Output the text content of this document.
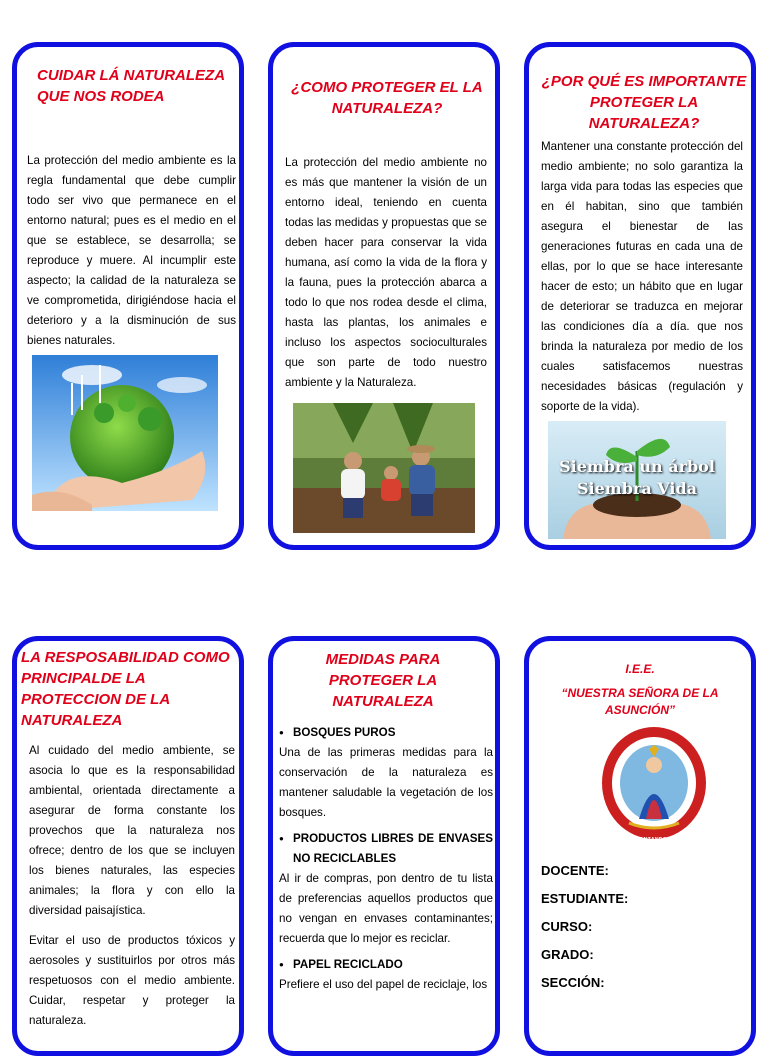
CUIDAR LÁ NATURALEZA QUE NOS RODEA
La protección del medio ambiente es la regla fundamental que debe cumplir todo ser vivo que permanece en el entorno natural; pues es el medio en el que se establece, se desarrolla; se reproduce y muere. Al incumplir este aspecto; la calidad de la naturaleza se ve comprometida, dirigiéndose hacia el deterioro y a la disminución de sus bienes naturales.
¿COMO PROTEGER EL LA NATURALEZA?
La protección del medio ambiente no es más que mantener la visión de un entorno ideal, teniendo en cuenta todas las medidas y propuestas que se deben hacer para conservar la vida humana, así como la vida de la flora y la fauna, pues la protección abarca a todo lo que nos rodea desde el clima, hasta las plantas, los animales e incluso los aspectos socioculturales que son parte de todo nuestro ambiente y la Naturaleza.
¿POR QUÉ ES IMPORTANTE PROTEGER LA NATURALEZA?
Mantener una constante protección del medio ambiente; no solo garantiza la larga vida para todas las especies que en él habitan, sino que también asegura el bienestar de las generaciones futuras en cada una de ellas, por lo que se hace interesante hacer de esto; un hábito que en lugar de deteriorar se traduzca en mejorar las condiciones día a día. que nos brinda la naturaleza por medio de los cuales satisfacemos nuestras necesidades básicas (regulación y soporte de la vida).
Siembra un árbol
Siembra Vida
LA RESPOSABILIDAD COMO PRINCIPALDE LA PROTECCION DE LA NATURALEZA
Al cuidado del medio ambiente, se asocia lo que es la responsabilidad ambiental, orientada directamente a asegurar de forma constante los provechos que la naturaleza nos ofrece; dentro de los que se incluyen los bienes naturales, las especies animales; la flora y con ello la diversidad paisajística.
Evitar el uso de productos tóxicos y aerosoles y sustituirlos por otros más respetuosos con el medio ambiente. Cuidar, respetar y proteger la naturaleza.
MEDIDAS PARA PROTEGER LA NATURALEZA
● BOSQUES PUROS
Una de las primeras medidas para la conservación de la naturaleza es mantener saludable la vegetación de los bosques.
● PRODUCTOS LIBRES DE ENVASES NO RECICLABLES
Al ir de compras, pon dentro de tu lista de preferencias aquellos productos que no vengan en envases contaminantes; recuerda que lo mejor es reciclar.
● PAPEL RECICLADO
Prefiere el uso del papel de reciclaje, los
I.E.E.
“NUESTRA SEÑORA DE LA ASUNCIÓN”
I.E.E. "NTRA. SRA. DE LA ASUNCIÓN"
ASUNCIÓN AVANZANDO EN CIENCIA Y VIRTUD
DOCENTE:
ESTUDIANTE:
CURSO:
GRADO:
SECCIÓN:
